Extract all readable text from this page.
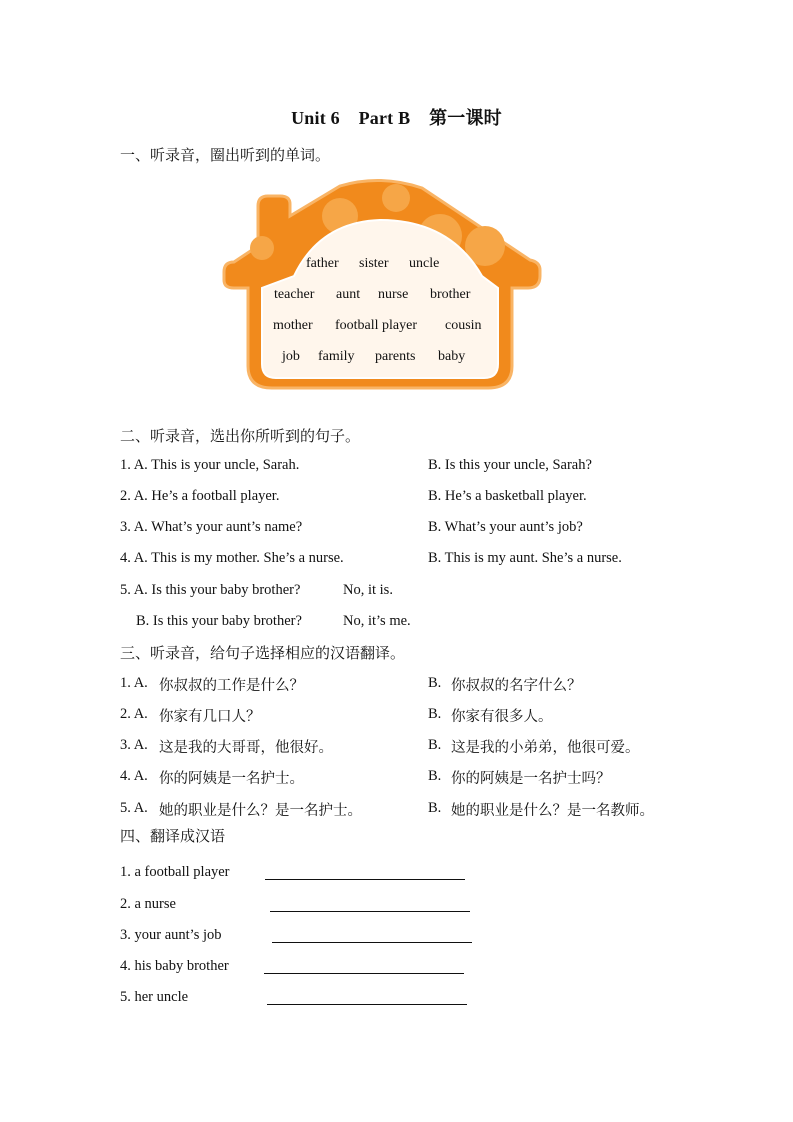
Unit 6    Part B    第一课时
一、听录音，圈出听到的单词。
father sister uncle
teacher aunt nurse brother
mother football player cousin
job family parents baby
二、听录音，选出你所听到的句子。
1. A. This is your uncle, Sarah.	B. Is this your uncle, Sarah?
2. A. He’s a football player.	B. He’s a basketball player.
3. A. What’s your aunt’s name?	B. What’s your aunt’s job?
4. A. This is my mother. She’s a nurse.	B. This is my aunt. She’s a nurse.
5. A. Is this your baby brother?	No, it is.
B. Is this your baby brother?	No, it’s me.
三、听录音，给句子选择相应的汉语翻译。
1. A. 你叔叔的工作是什么？	B. 你叔叔的名字什么？
2. A. 你家有几口人？	B. 你家有很多人。
3. A. 这是我的大哥哥，他很好。	B. 这是我的小弟弟，他很可爱。
4. A. 你的阿姨是一名护士。	B. 你的阿姨是一名护士吗？
5. A. 她的职业是什么？是一名护士。	B. 她的职业是什么？是一名教师。
四、翻译成汉语
1. a football player
2. a nurse
3. your aunt’s job
4. his baby brother
5. her uncle
